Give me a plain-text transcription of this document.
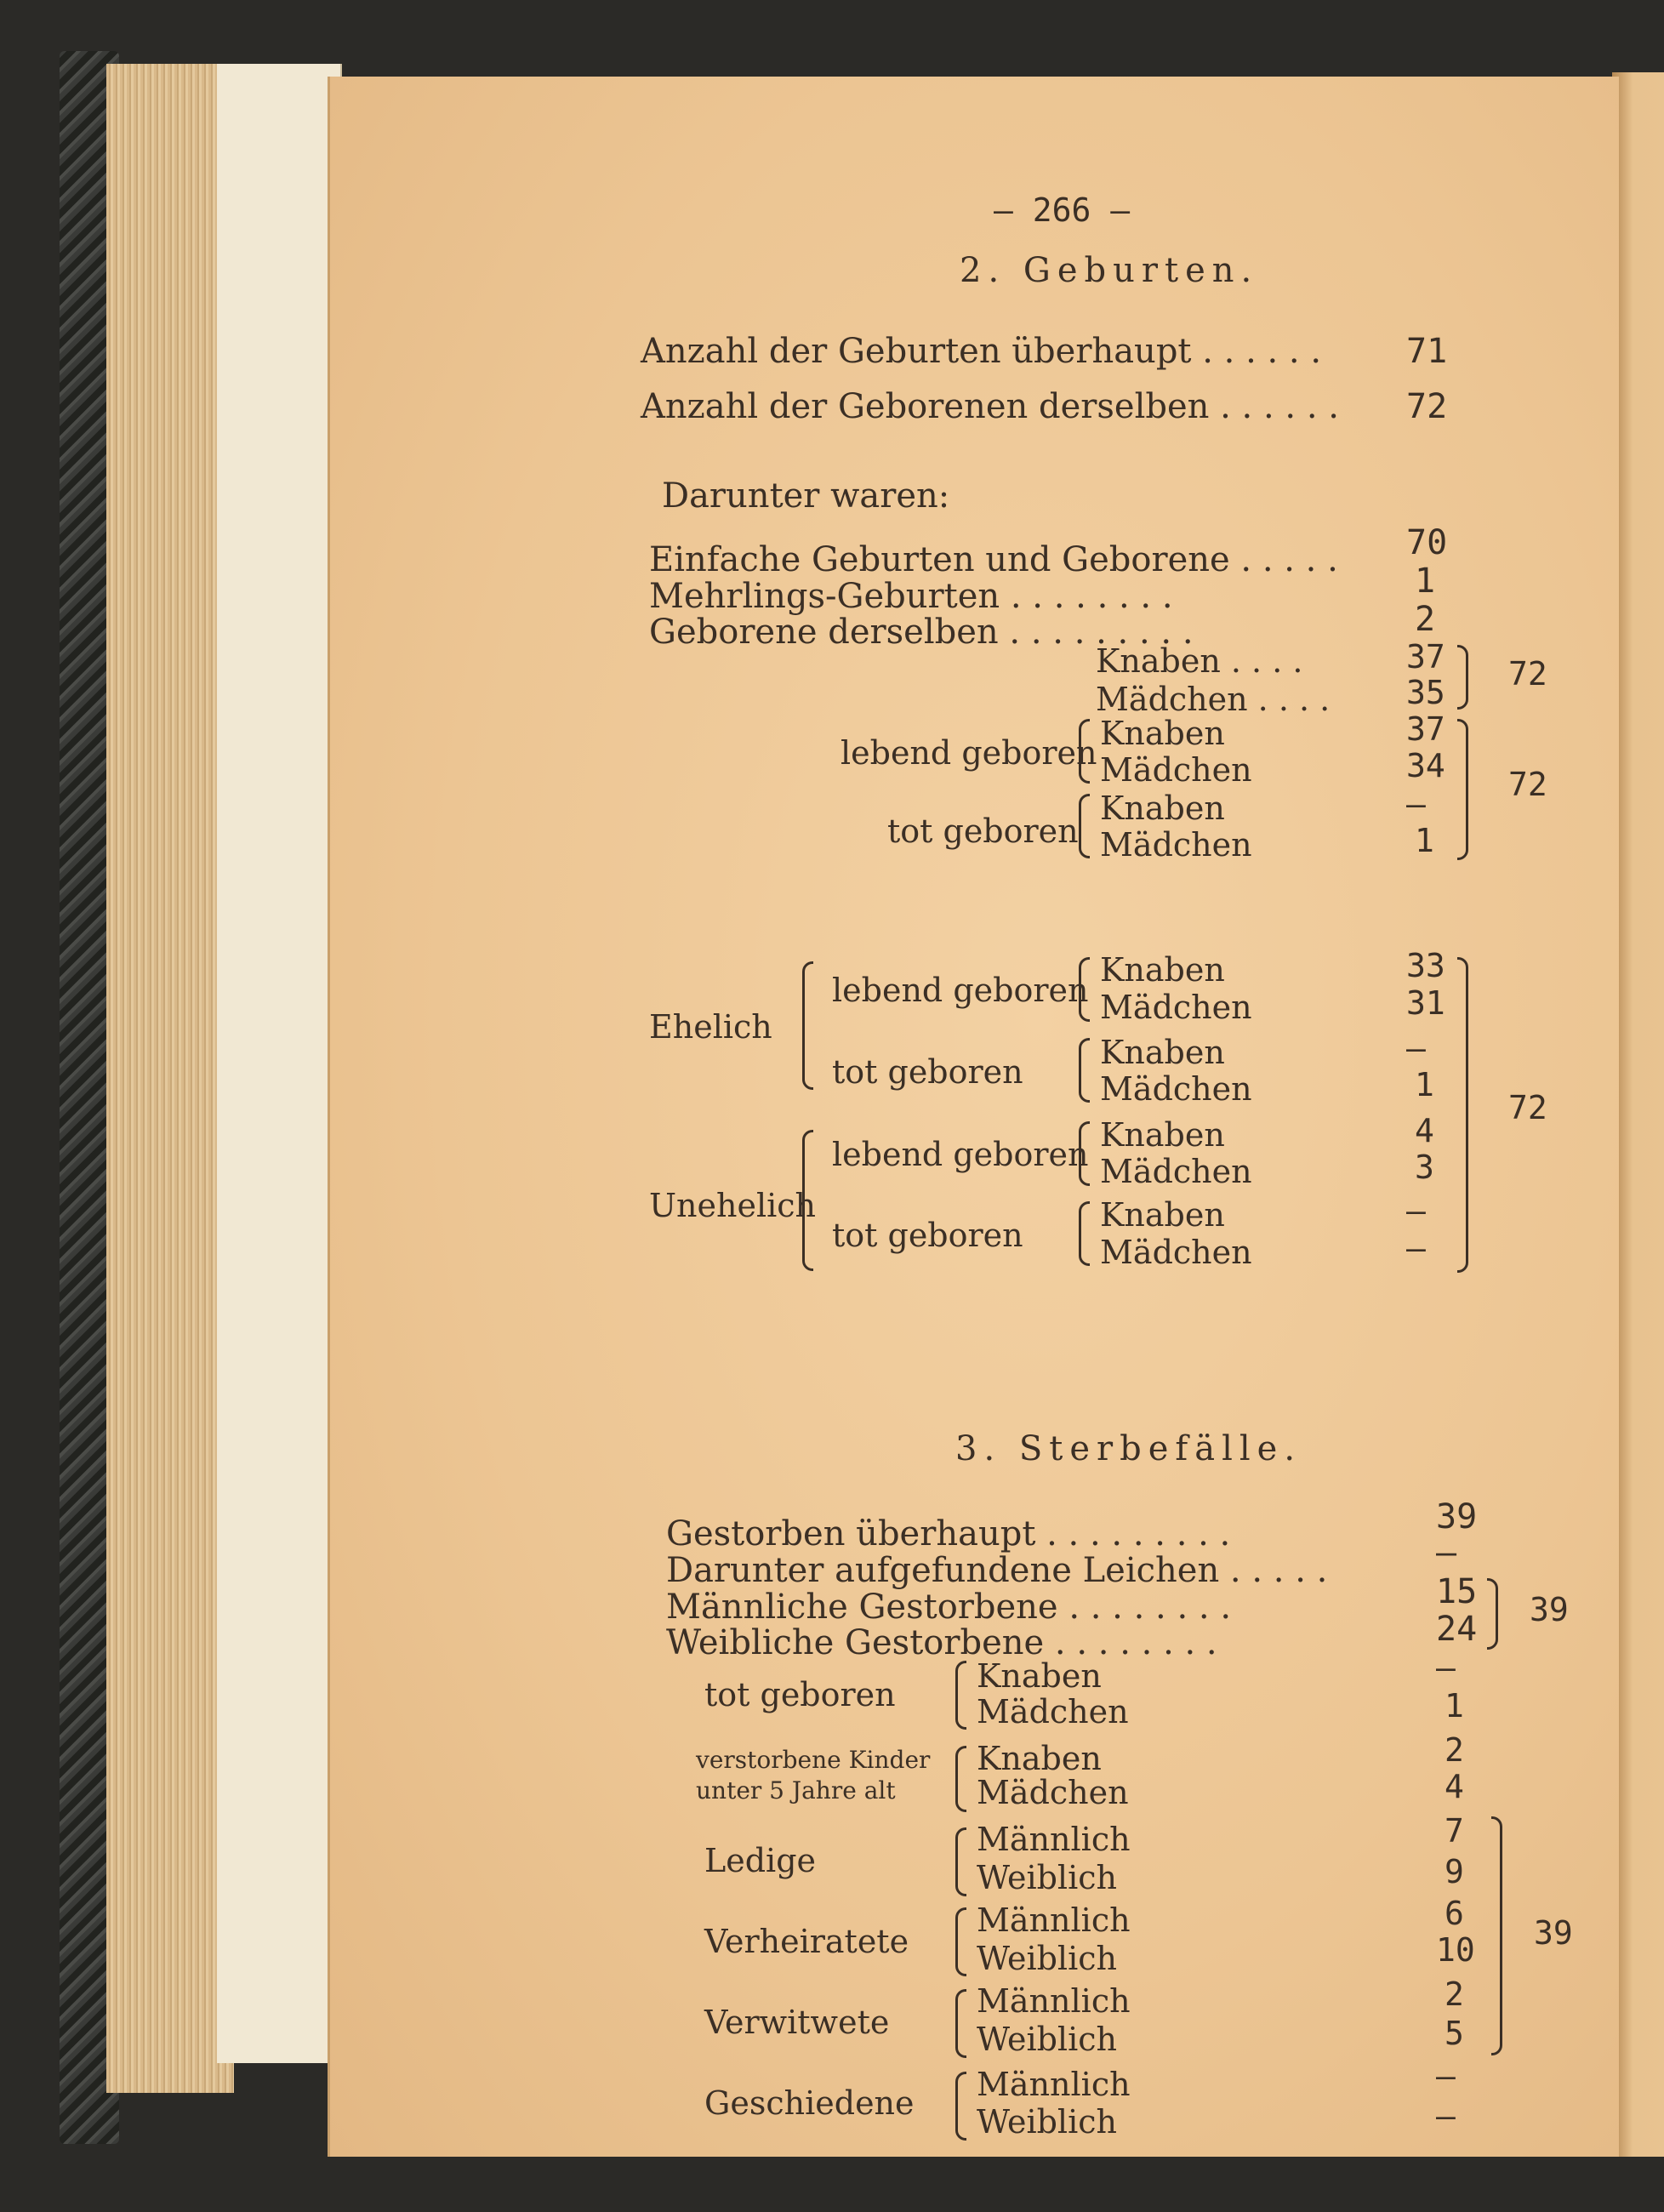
— 266 —
2. Geburten.
Anzahl der Geburten überhaupt . . . . . . 71
Anzahl der Geborenen derselben . . . . . . 72
Darunter waren:
Einfache Geburten und Geborene . . . . . 70
Mehrlings-Geburten . . . . . . . .	1
Geborene derselben . . . . . . . . .	2
Knaben . . . .	37
Mädchen . . . . 35 72
lebend geboren
Knaben	37
Mädchen	34
tot geboren
Knaben	—
Mädchen	1
72
Ehelich
lebend geboren
Knaben	33
Mädchen	31
tot geboren
Knaben	—
Mädchen	1
Unehelich
lebend geboren
Knaben	4
Mädchen	3
tot geboren
Knaben	—
Mädchen	—
72
3. Sterbefälle.
Gestorben überhaupt . . . . . . . . .	39
Darunter aufgefundene Leichen . . . . .	—
Männliche Gestorbene . . . . . . . .	15
Weibliche Gestorbene . . . . . . . .	24 39
tot geboren	Knaben	—
Mädchen	1
verstorbene Kinder
unter 5 Jahre alt
Knaben	2
Mädchen	4
Ledige
Männlich	7
Weiblich	9
Verheiratete
Männlich	6
Weiblich	10
Verwitwete
Männlich	2
Weiblich	5
39
Geschiedene Männlich	—
Weiblich	—
